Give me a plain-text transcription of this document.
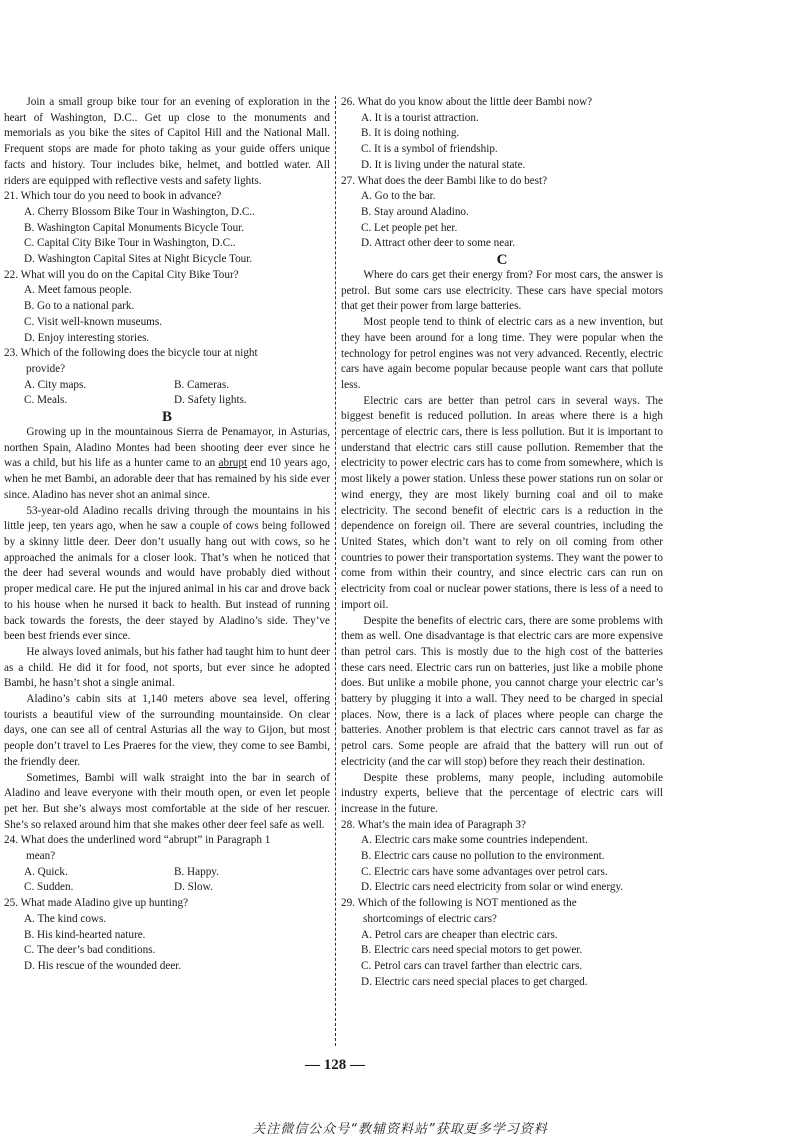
Join a small group bike tour for an evening of exploration in the heart of Washington, D.C.. Get up close to the monuments and memorials as you bike the sites of Capitol Hill and the National Mall. Frequent stops are made for photo taking as your guide offers unique facts and history. Tour includes bike, helmet, and bottled water. All riders are equipped with reflective vests and safety lights.

21. Which tour do you need to book in advance?

A. Cherry Blossom Bike Tour in Washington, D.C..
B. Washington Capital Monuments Bicycle Tour.
C. Capital City Bike Tour in Washington, D.C..
D. Washington Capital Sites at Night Bicycle Tour.

22. What will you do on the Capital City Bike Tour?

A. Meet famous people.
B. Go to a national park.
C. Visit well-known museums.
D. Enjoy interesting stories.

23. Which of the following does the bicycle tour at night

provide?
A. City maps.	B. Cameras.
C. Meals.	D. Safety lights.
B

Growing up in the mountainous Sierra de Penamayor, in Asturias, northen Spain, Aladino Montes had been shooting deer ever since he was a child, but his life as a hunter came to an abrupt end 10 years ago, when he met Bambi, an adorable deer that has remained by his side ever since. Aladino has never shot an animal since.

53-year-old Aladino recalls driving through the mountains in his little jeep, ten years ago, when he saw a couple of cows being followed by a skinny little deer. Deer don’t usually hang out with cows, so he approached the animals for a closer look. That’s when he noticed that the deer had several wounds and would have probably died without proper medical care. He put the injured animal in his car and drove back to his house when he nursed it back to health. But instead of running back towards the forests, the deer stayed by Aladino’s side. They’ve been best friends ever since.

He always loved animals, but his father had taught him to hunt deer as a child. He did it for food, not sports, but ever since he adopted Bambi, he hasn’t shot a single animal.

Aladino’s cabin sits at 1,140 meters above sea level, offering tourists a beautiful view of the surrounding mountainside. On clear days, one can see all of central Asturias all the way to Gijon, but most people don’t travel to Les Praeres for the view, they come to see Bambi, the friendly deer.

Sometimes, Bambi will walk straight into the bar in search of Aladino and leave everyone with their mouth open, or even let people pet her. But she’s always most comfortable at the side of her rescuer. She’s so relaxed around him that she makes other deer feel safe as well.

24. What does the underlined word “abrupt” in Paragraph 1

mean?
A. Quick.	B. Happy.
C. Sudden.	D. Slow.

25. What made Aladino give up hunting?

A. The kind cows.
B. His kind-hearted nature.
C. The deer’s bad conditions.
D. His rescue of the wounded deer.

26. What do you know about the little deer Bambi now?

A. It is a tourist attraction.
B. It is doing nothing.
C. It is a symbol of friendship.
D. It is living under the natural state.

27. What does the deer Bambi like to do best?

A. Go to the bar.
B. Stay around Aladino.
C. Let people pet her.
D. Attract other deer to some near.
C

Where do cars get their energy from? For most cars, the answer is petrol. But some cars use electricity. These cars have special motors that get their power from large batteries.

Most people tend to think of electric cars as a new invention, but they have been around for a long time. They were popular when the technology for petrol engines was not very advanced. Recently, electric cars have again become popular because people want cars that pollute less.

Electric cars are better than petrol cars in several ways. The biggest benefit is reduced pollution. In areas where there is a high percentage of electric cars, there is less pollution. But it is important to understand that electric cars still cause pollution. Remember that the electricity to power electric cars has to come from somewhere, which is most likely a power station. Unless these power stations run on solar or wind energy, they are most likely burning coal and oil to make electricity. The second benefit of electric cars is a reduction in the dependence on foreign oil. There are several countries, including the United States, which don’t want to rely on oil coming from other countries to power their transportation systems. They want the power to come from within their country, and since electric cars can run on electricity from coal or nuclear power stations, there is less of a need to import oil.

Despite the benefits of electric cars, there are some problems with them as well. One disadvantage is that electric cars are more expensive than petrol cars. This is mostly due to the high cost of the batteries these cars need. Electric cars run on batteries, just like a mobile phone does. But unlike a mobile phone, you cannot charge your electric car’s battery by plugging it into a wall. They need to be charged in special places. Now, there is a lack of places where people can charge the batteries. Another problem is that electric cars cannot travel as far as petrol cars. Some people are afraid that the battery will run out of electricity (and the car will stop) before they reach their destination.

Despite these problems, many people, including automobile industry experts, believe that the percentage of electric cars will increase in the future.

28. What’s the main idea of Paragraph 3?

A. Electric cars make some countries independent.
B. Electric cars cause no pollution to the environment.
C. Electric cars have some advantages over petrol cars.
D. Electric cars need electricity from solar or wind energy.

29. Which of the following is NOT mentioned as the

shortcomings of electric cars?
A. Petrol cars are cheaper than electric cars.
B. Electric cars need special motors to get power.
C. Petrol cars can travel farther than electric cars.
D. Electric cars need special places to get charged.
— 128 —
关注微信公众号“教辅资料站”获取更多学习资料
